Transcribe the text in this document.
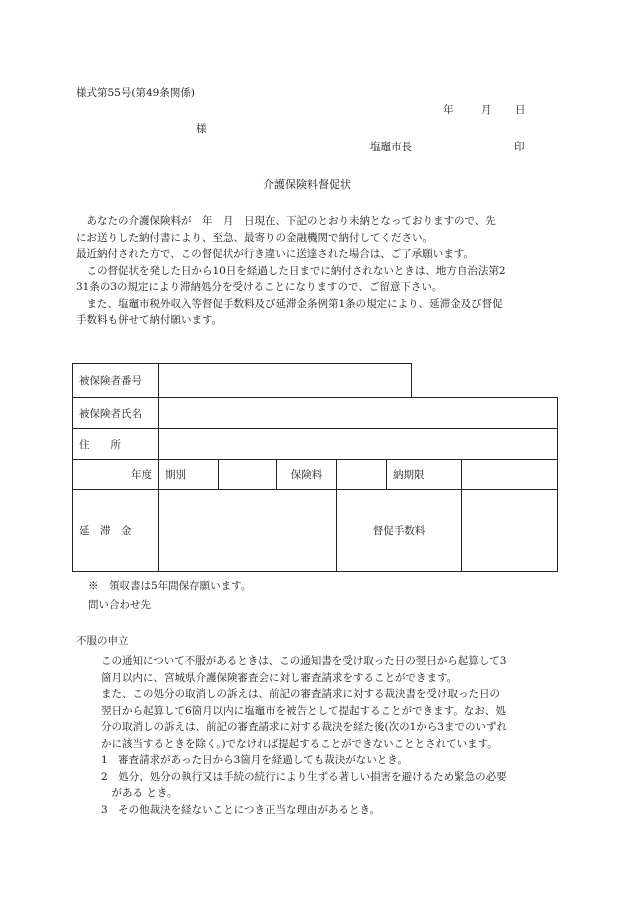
様式第55号(第49条関係)
年	月 日
様
塩竈市長	印
介護保険料督促状
　あなたの介護保険料が　年　月　日現在、下記のとおり未納となっておりますので、先
にお送りした納付書により、至急、最寄りの金融機関で納付してください。
最近納付された方で、この督促状が行き違いに送達された場合は、ご了承願います。
　この督促状を発した日から10日を経過した日までに納付されないときは、地方自治法第2
31条の3の規定により滞納処分を受けることになりますので、ご留意下さい。
　また、塩竈市税外収入等督促手数料及び延滞金条例第1条の規定により、延滞金及び督促
手数料も併せて納付願います。
被保険者番号							
被保険者氏名							
住　　所							
年度	期別		保険料		納期限		
延　滞　金				督促手数料			
※　領収書は5年間保存願います。
問い合わせ先
不服の申立
この通知について不服があるときは、この通知書を受け取った日の翌日から起算して3
箇月以内に、宮城県介護保険審査会に対し審査請求をすることができます。
また、この処分の取消しの訴えは、前記の審査請求に対する裁決書を受け取った日の
翌日から起算して6箇月以内に塩竈市を被告として提起することができます。なお、処
分の取消しの訴えは、前記の審査請求に対する裁決を経た後(次の1から3までのいずれ
かに該当するときを除く。)でなければ提起することができないこととされています。
1　審査請求があった日から3箇月を経過しても裁決がないとき。
2　処分、処分の執行又は手続の続行により生ずる著しい損害を避けるため緊急の必要
　がある とき。
3　その他裁決を経ないことにつき正当な理由があるとき。
